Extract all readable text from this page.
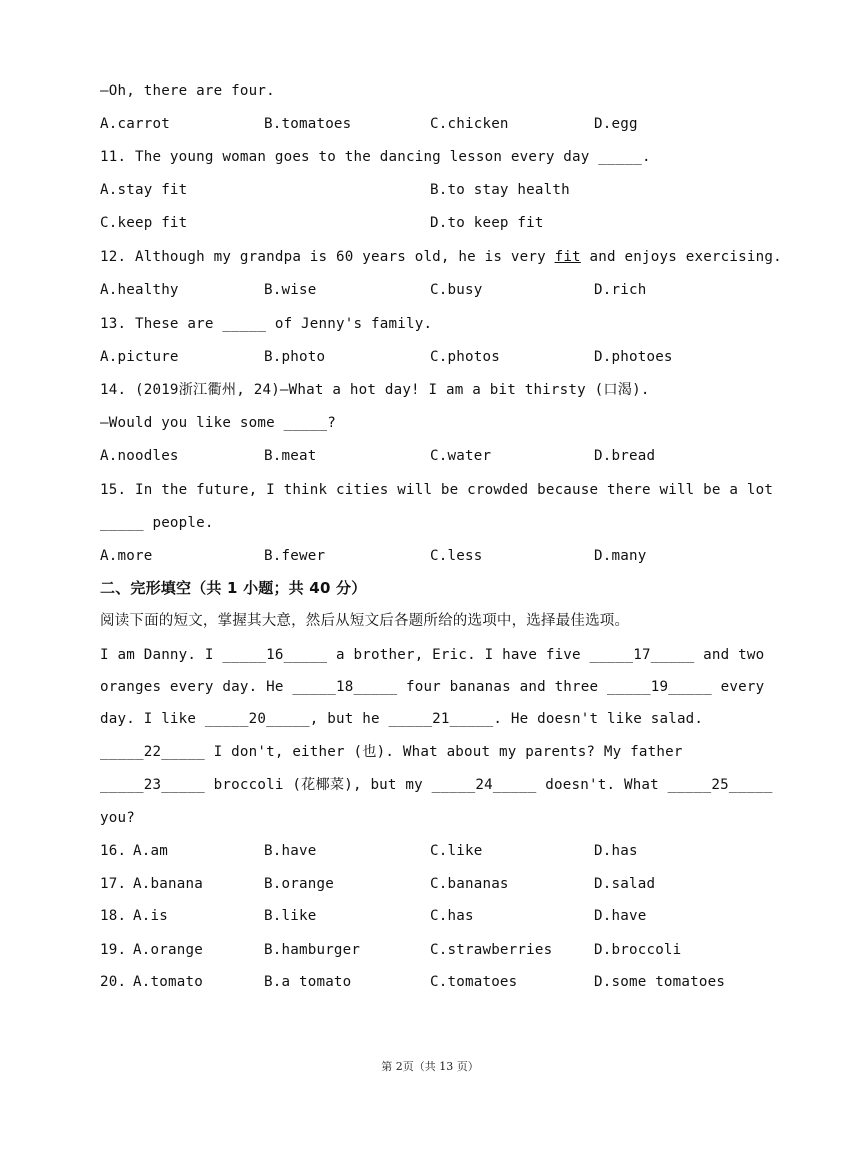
—Oh, there are four.

A.carrot

	B.tomatoes

	C.chicken

	D.egg

11. The young woman goes to the dancing lesson every day _____.

A.stay fit

	B.to stay health

C.keep fit

	D.to keep fit

12. Although my grandpa is 60 years old, he is very fit and enjoys exercising.

A.healthy

	B.wise

	C.busy

	D.rich

13. These are _____ of Jenny's family.

A.picture

	B.photo

	C.photos

	D.photoes

14. (2019浙江衢州, 24)—What a hot day! I am a bit thirsty (口渴).
—Would you like some _____?

A.noodles

	B.meat

	C.water

	D.bread

15. In the future, I think cities will be crowded because there will be a lot
_____ people.

A.more

	B.fewer

	C.less

	D.many

二、完形填空（共 1 小题；共 40 分）
阅读下面的短文，掌握其大意，然后从短文后各题所给的选项中，选择最佳选项。
I am Danny. I _____16_____ a brother, Eric. I have five _____17_____ and two
oranges every day. He _____18_____ four bananas and three _____19_____ every
day. I like _____20_____, but he _____21_____. He doesn't like salad.
_____22_____ I don't, either (也). What about my parents? My father
_____23_____ broccoli (花椰菜), but my _____24_____ doesn't. What _____25_____
you?

16.

A.am

	B.have

	C.like

	D.has

17.

A.banana

	B.orange

	C.bananas

	D.salad

18.

A.is

	B.like

	C.has

	D.have

19.

A.orange

	B.hamburger

	C.strawberries

	D.broccoli

20.

A.tomato

	B.a tomato

	C.tomatoes

	D.some tomatoes

第 2页（共 13 页）
